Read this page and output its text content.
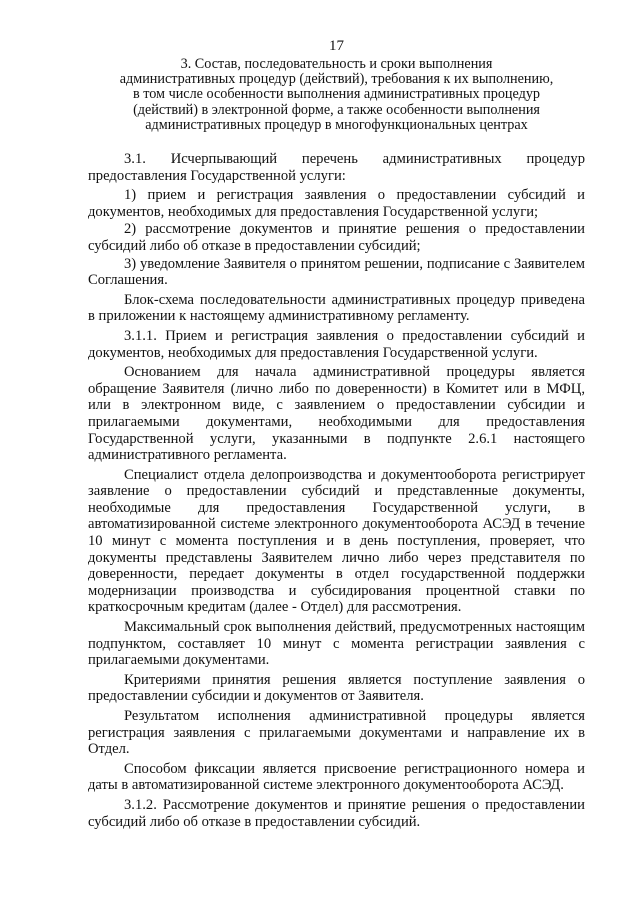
17
3. Состав, последовательность и сроки выполнения
административных процедур (действий), требования к их выполнению,
в том числе особенности выполнения административных процедур
(действий) в электронной форме, а также особенности выполнения
административных процедур в многофункциональных центрах

3.1. Исчерпывающий перечень административных процедур предоставления Государственной услуги:

1) прием и регистрация заявления о предоставлении субсидий и документов, необходимых для предоставления Государственной услуги;

2) рассмотрение документов и принятие решения о предоставлении субсидий либо об отказе в предоставлении субсидий;

3) уведомление Заявителя о принятом решении, подписание с Заявителем Соглашения.

Блок-схема последовательности административных процедур приведена в приложении к настоящему административному регламенту.

3.1.1. Прием и регистрация заявления о предоставлении субсидий и документов, необходимых для предоставления Государственной услуги.

Основанием для начала административной процедуры является обращение Заявителя (лично либо по доверенности) в Комитет или в МФЦ, или в электронном виде, с заявлением о предоставлении субсидии и прилагаемыми документами, необходимыми для предоставления Государственной услуги, указанными в подпункте 2.6.1 настоящего административного регламента.

Специалист отдела делопроизводства и документооборота регистрирует заявление о предоставлении субсидий и представленные документы, необходимые для предоставления Государственной услуги, в автоматизированной системе электронного документооборота АСЭД в течение 10 минут с момента поступления и в день поступления, проверяет, что документы представлены Заявителем лично либо через представителя по доверенности, передает документы в отдел государственной поддержки модернизации производства и субсидирования процентной ставки по краткосрочным кредитам (далее - Отдел) для рассмотрения.

Максимальный срок выполнения действий, предусмотренных настоящим подпунктом, составляет 10 минут с момента регистрации заявления с прилагаемыми документами.

Критериями принятия решения является поступление заявления о предоставлении субсидии и документов от Заявителя.

Результатом исполнения административной процедуры является регистрация заявления с прилагаемыми документами и направление их в Отдел.

Способом фиксации является присвоение регистрационного номера и даты в автоматизированной системе электронного документооборота АСЭД.

3.1.2. Рассмотрение документов и принятие решения о предоставлении субсидий либо об отказе в предоставлении субсидий.
